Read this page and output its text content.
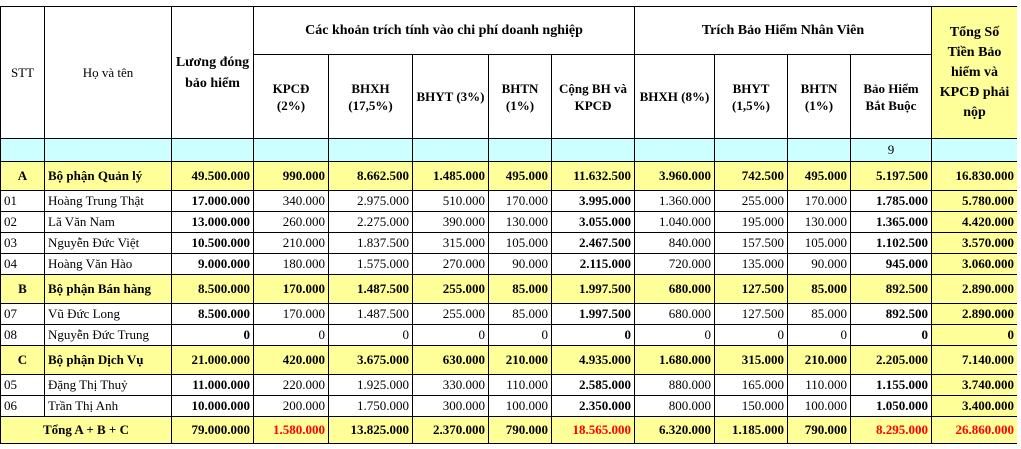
STT	Họ và tên	Lương đóng bảo hiểm	Các khoản trích tính vào chi phí doanh nghiệp					Trích Bảo Hiểm Nhân Viên				Tổng Số Tiền Bảo hiểm và KPCĐ phải nộp
			KPCĐ (2%)	BHXH (17,5%)	BHYT (3%)	BHTN (1%)	Cộng BH và KPCĐ	BHXH (8%)	BHYT (1,5%)	BHTN (1%)	Bảo Hiểm Bắt Buộc	
											9	
A	Bộ phận Quản lý	49.500.000	990.000	8.662.500	1.485.000	495.000	11.632.500	3.960.000	742.500	495.000	5.197.500	16.830.000
01	Hoàng Trung Thật	17.000.000	340.000	2.975.000	510.000	170.000	3.995.000	1.360.000	255.000	170.000	1.785.000	5.780.000
02	Lã Văn Nam	13.000.000	260.000	2.275.000	390.000	130.000	3.055.000	1.040.000	195.000	130.000	1.365.000	4.420.000
03	Nguyễn Đức Việt	10.500.000	210.000	1.837.500	315.000	105.000	2.467.500	840.000	157.500	105.000	1.102.500	3.570.000
04	Hoàng Văn Hào	9.000.000	180.000	1.575.000	270.000	90.000	2.115.000	720.000	135.000	90.000	945.000	3.060.000
B	Bộ phận Bán hàng	8.500.000	170.000	1.487.500	255.000	85.000	1.997.500	680.000	127.500	85.000	892.500	2.890.000
07	Vũ Đức Long	8.500.000	170.000	1.487.500	255.000	85.000	1.997.500	680.000	127.500	85.000	892.500	2.890.000
08	Nguyễn Đức Trung	0	0	0	0	0	0	0	0	0	0	0
C	Bộ phận Dịch Vụ	21.000.000	420.000	3.675.000	630.000	210.000	4.935.000	1.680.000	315.000	210.000	2.205.000	7.140.000
05	Đặng Thị Thuỷ	11.000.000	220.000	1.925.000	330.000	110.000	2.585.000	880.000	165.000	110.000	1.155.000	3.740.000
06	Trần Thị Anh	10.000.000	200.000	1.750.000	300.000	100.000	2.350.000	800.000	150.000	100.000	1.050.000	3.400.000
Tổng A + B + C		79.000.000	1.580.000	13.825.000	2.370.000	790.000	18.565.000	6.320.000	1.185.000	790.000	8.295.000	26.860.000
